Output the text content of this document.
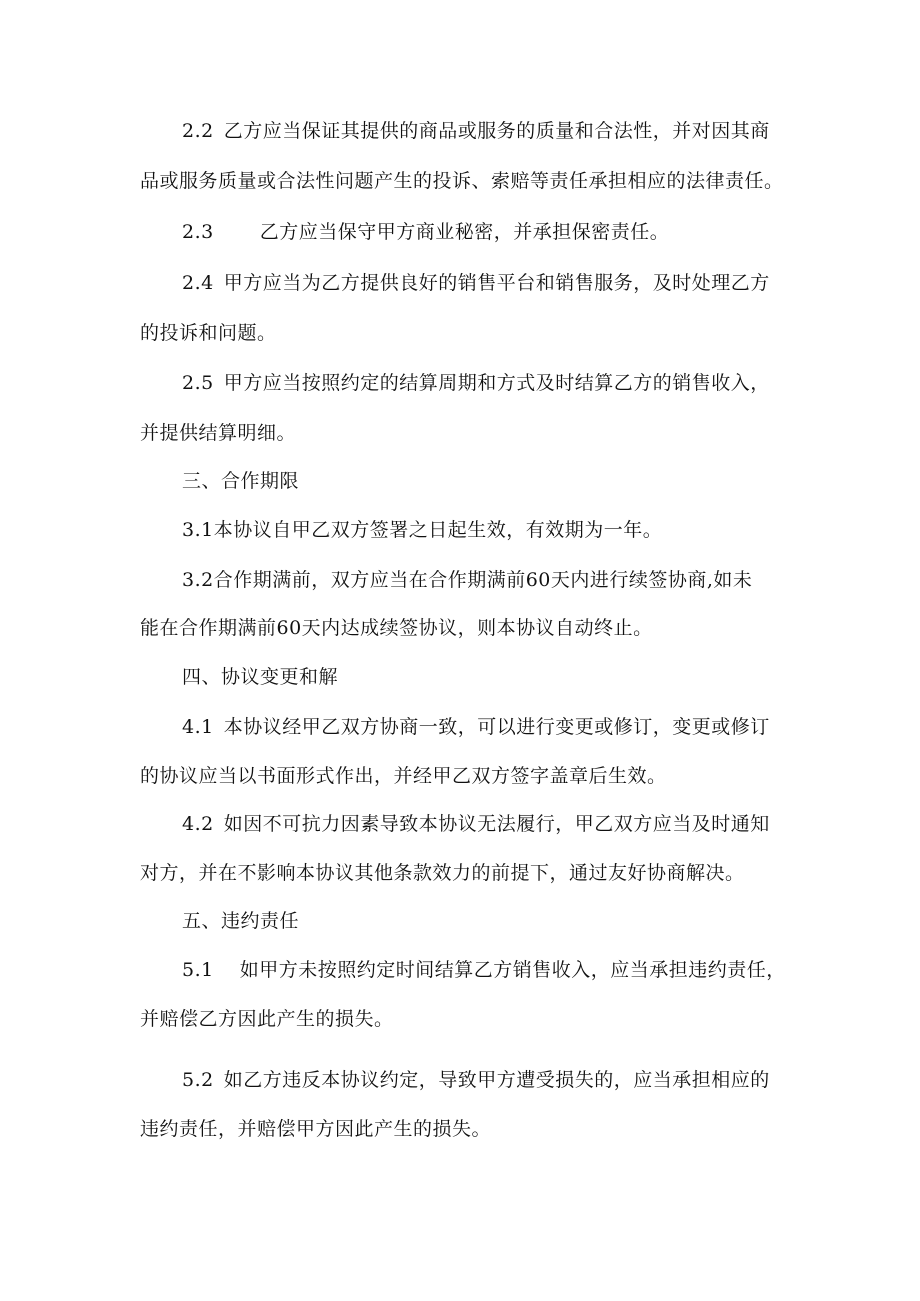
2.2 乙方应当保证其提供的商品或服务的质量和合法性，并对因其商
品或服务质量或合法性问题产生的投诉、索赔等责任承担相应的法律责任。
2.3 乙方应当保守甲方商业秘密，并承担保密责任。
2.4 甲方应当为乙方提供良好的销售平台和销售服务，及时处理乙方
的投诉和问题。
2.5 甲方应当按照约定的结算周期和方式及时结算乙方的销售收入，
并提供结算明细。
三、合作期限
3.1本协议自甲乙双方签署之日起生效，有效期为一年。
3.2合作期满前，双方应当在合作期满前60天内进行续签协商,如未
能在合作期满前60天内达成续签协议，则本协议自动终止。
四、协议变更和解
4.1 本协议经甲乙双方协商一致，可以进行变更或修订，变更或修订
的协议应当以书面形式作出，并经甲乙双方签字盖章后生效。
4.2 如因不可抗力因素导致本协议无法履行，甲乙双方应当及时通知
对方，并在不影响本协议其他条款效力的前提下，通过友好协商解决。
五、违约责任
5.1 如甲方未按照约定时间结算乙方销售收入，应当承担违约责任，
并赔偿乙方因此产生的损失。
5.2 如乙方违反本协议约定，导致甲方遭受损失的，应当承担相应的
违约责任，并赔偿甲方因此产生的损失。
